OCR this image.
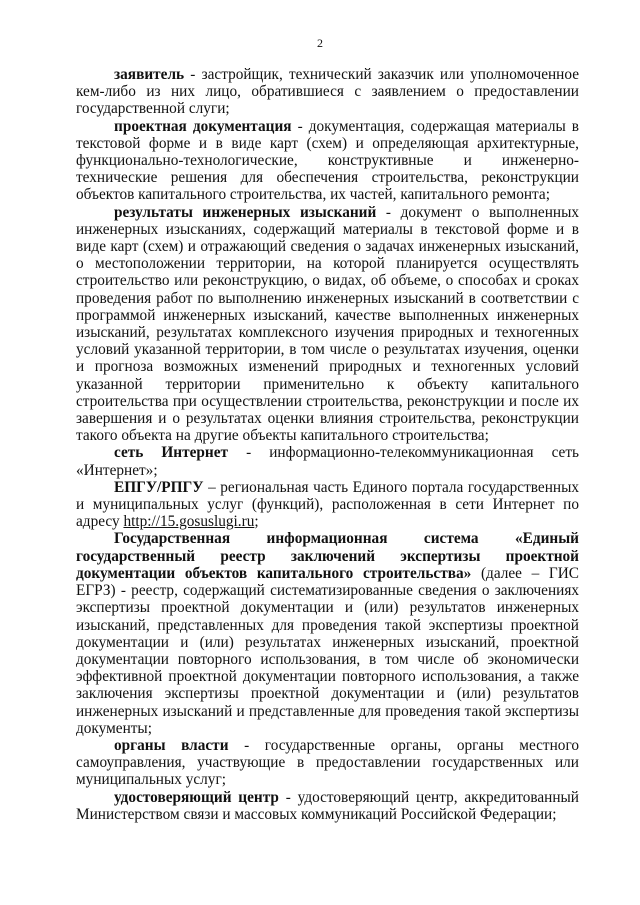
2

заявитель - застройщик, технический заказчик или уполномоченное кем-либо из них лицо, обратившиеся с заявлением о предоставлении государственной слуги;

проектная документация - документация, содержащая материалы в текстовой форме и в виде карт (схем) и определяющая архитектурные, функционально-технологические, конструктивные и инженерно-технические решения для обеспечения строительства, реконструкции объектов капитального строительства, их частей, капитального ремонта;

результаты инженерных изысканий - документ о выполненных инженерных изысканиях, содержащий материалы в текстовой форме и в виде карт (схем) и отражающий сведения о задачах инженерных изысканий, о местоположении территории, на которой планируется осуществлять строительство или реконструкцию, о видах, об объеме, о способах и сроках проведения работ по выполнению инженерных изысканий в соответствии с программой инженерных изысканий, качестве выполненных инженерных изысканий, результатах комплексного изучения природных и техногенных условий указанной территории, в том числе о результатах изучения, оценки и прогноза возможных изменений природных и техногенных условий указанной территории применительно к объекту капитального строительства при осуществлении строительства, реконструкции и после их завершения и о результатах оценки влияния строительства, реконструкции такого объекта на другие объекты капитального строительства;

сеть Интернет - информационно-телекоммуникационная сеть «Интернет»;

ЕПГУ/РПГУ – региональная часть Единого портала государственных и муниципальных услуг (функций), расположенная в сети Интернет по адресу http://15.gosuslugi.ru;

Государственная информационная система «Единый государственный реестр заключений экспертизы проектной документации объектов капитального строительства» (далее – ГИС ЕГРЗ) - реестр, содержащий систематизированные сведения о заключениях экспертизы проектной документации и (или) результатов инженерных изысканий, представленных для проведения такой экспертизы проектной документации и (или) результатах инженерных изысканий, проектной документации повторного использования, в том числе об экономически эффективной проектной документации повторного использования, а также заключения экспертизы проектной документации и (или) результатов инженерных изысканий и представленные для проведения такой экспертизы документы;

органы власти - государственные органы, органы местного самоуправления, участвующие в предоставлении государственных или муниципальных услуг;

удостоверяющий центр - удостоверяющий центр, аккредитованный Министерством связи и массовых коммуникаций Российской Федерации;
